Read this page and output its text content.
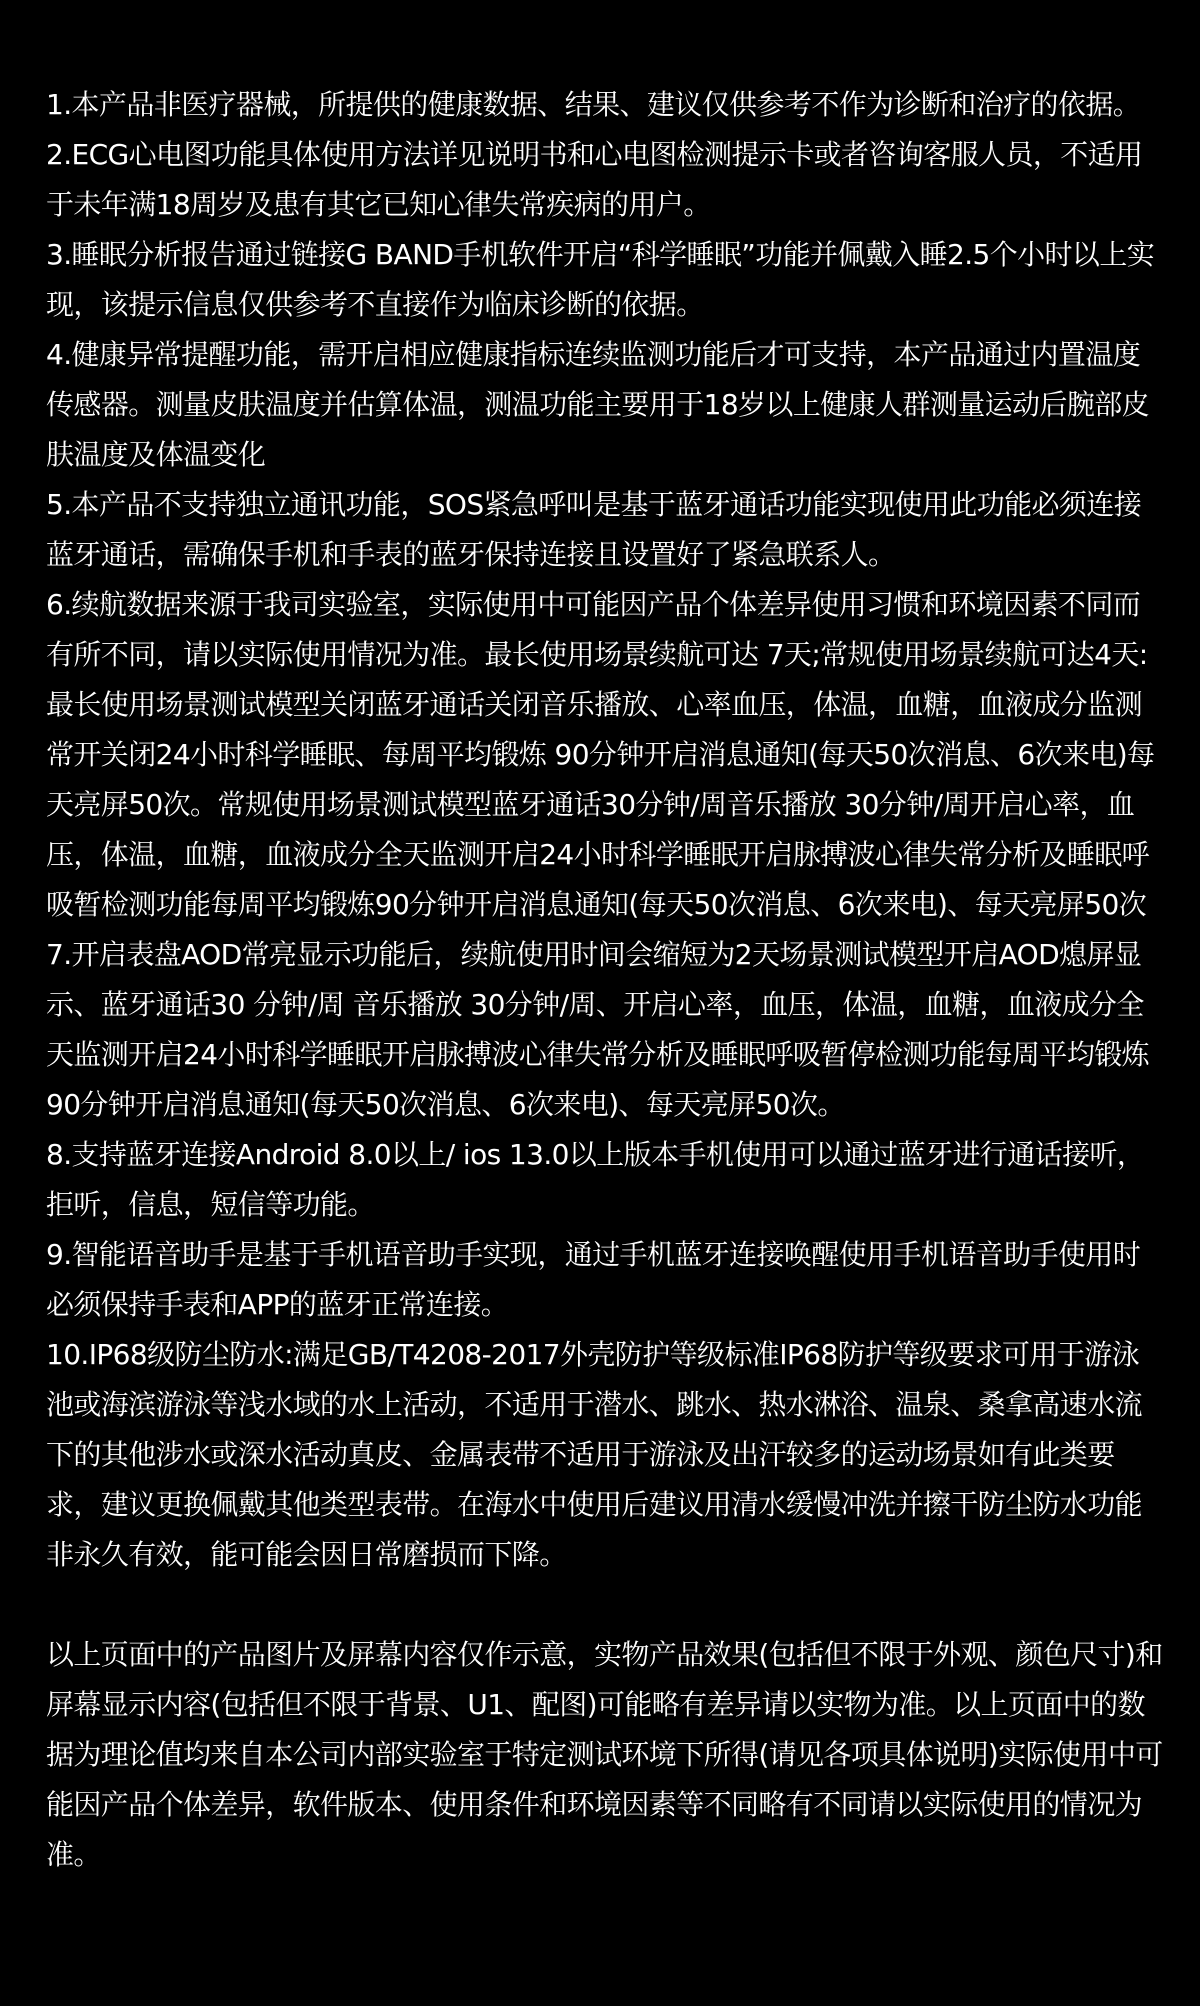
1.本产品非医疗器械，所提供的健康数据、结果、建议仅供参考不作为诊断和治疗的依据。

2.ECG心电图功能具体使用方法详见说明书和心电图检测提示卡或者咨询客服人员，不适用于未年满18周岁及患有其它已知心律失常疾病的用户。

3.睡眠分析报告通过链接G BAND手机软件开启“科学睡眠”功能并佩戴入睡2.5个小时以上实现，该提示信息仅供参考不直接作为临床诊断的依据。

4.健康异常提醒功能，需开启相应健康指标连续监测功能后才可支持，本产品通过内置温度传感器。测量皮肤温度并估算体温，测温功能主要用于18岁以上健康人群测量运动后腕部皮肤温度及体温变化

5.本产品不支持独立通讯功能，SOS紧急呼叫是基于蓝牙通话功能实现使用此功能必须连接蓝牙通话，需确保手机和手表的蓝牙保持连接且设置好了紧急联系人。

6.续航数据来源于我司实验室，实际使用中可能因产品个体差异使用习惯和环境因素不同而有所不同，请以实际使用情况为准。最长使用场景续航可达 7天;常规使用场景续航可达4天:最长使用场景测试模型关闭蓝牙通话关闭音乐播放、心率血压，体温，血糖，血液成分监测常开关闭24小时科学睡眠、每周平均锻炼 90分钟开启消息通知(每天50次消息、6次来电)每天亮屏50次。常规使用场景测试模型蓝牙通话30分钟/周音乐播放 30分钟/周开启心率，血压，体温，血糖，血液成分全天监测开启24小时科学睡眠开启脉搏波心律失常分析及睡眠呼吸暂检测功能每周平均锻炼90分钟开启消息通知(每天50次消息、6次来电)、每天亮屏50次

7.开启表盘AOD常亮显示功能后，续航使用时间会缩短为2天场景测试模型开启AOD熄屏显示、蓝牙通话30 分钟/周 音乐播放 30分钟/周、开启心率，血压，体温，血糖，血液成分全天监测开启24小时科学睡眠开启脉搏波心律失常分析及睡眠呼吸暂停检测功能每周平均锻炼90分钟开启消息通知(每天50次消息、6次来电)、每天亮屏50次。

8.支持蓝牙连接Android 8.0以上/ ios 13.0以上版本手机使用可以通过蓝牙进行通话接听，拒听，信息，短信等功能。

9.智能语音助手是基于手机语音助手实现，通过手机蓝牙连接唤醒使用手机语音助手使用时必须保持手表和APP的蓝牙正常连接。

10.IP68级防尘防水:满足GB/T4208-2017外壳防护等级标准IP68防护等级要求可用于游泳池或海滨游泳等浅水域的水上活动，不适用于潜水、跳水、热水淋浴、温泉、桑拿高速水流下的其他涉水或深水活动真皮、金属表带不适用于游泳及出汗较多的运动场景如有此类要求，建议更换佩戴其他类型表带。在海水中使用后建议用清水缓慢冲洗并擦干防尘防水功能非永久有效，能可能会因日常磨损而下降。

以上页面中的产品图片及屏幕内容仅作示意，实物产品效果(包括但不限于外观、颜色尺寸)和屏幕显示内容(包括但不限于背景、U1、配图)可能略有差异请以实物为准。以上页面中的数据为理论值均来自本公司内部实验室于特定测试环境下所得(请见各项具体说明)实际使用中可能因产品个体差异，软件版本、使用条件和环境因素等不同略有不同请以实际使用的情况为准。
